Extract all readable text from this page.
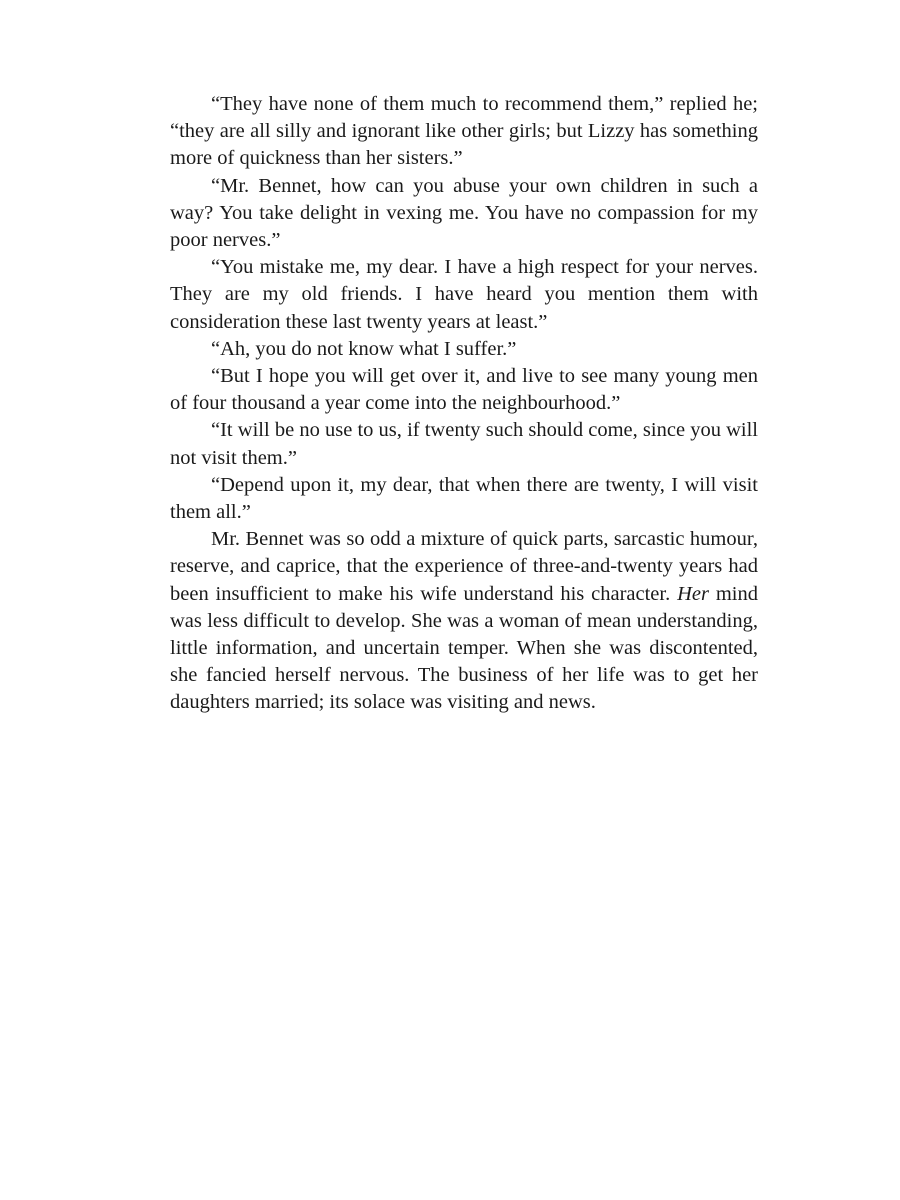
“They have none of them much to recommend them,” replied he; “they are all silly and ignorant like other girls; but Lizzy has something more of quickness than her sisters.”

“Mr. Bennet, how can you abuse your own children in such a way? You take delight in vexing me. You have no compassion for my poor nerves.”

“You mistake me, my dear. I have a high respect for your nerves. They are my old friends. I have heard you mention them with consideration these last twenty years at least.”

“Ah, you do not know what I suffer.”

“But I hope you will get over it, and live to see many young men of four thousand a year come into the neighbourhood.”

“It will be no use to us, if twenty such should come, since you will not visit them.”

“Depend upon it, my dear, that when there are twenty, I will visit them all.”

Mr. Bennet was so odd a mixture of quick parts, sarcastic humour, reserve, and caprice, that the experience of three-and-twenty years had been insufficient to make his wife understand his character. Her mind was less difficult to develop. She was a woman of mean understanding, little information, and uncertain temper. When she was discontented, she fancied herself nervous. The business of her life was to get her daughters married; its solace was visiting and news.
